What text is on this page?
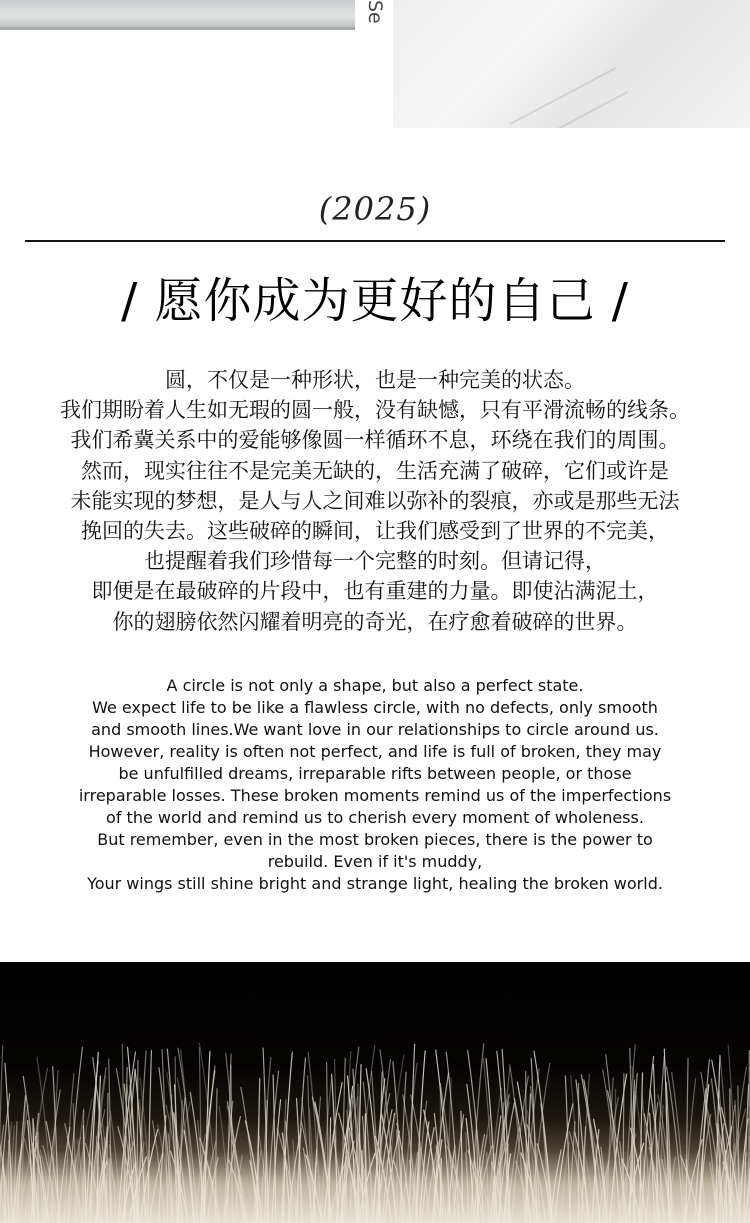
Se
(2025)
/ 愿你成为更好的自己 /
圆，不仅是一种形状，也是一种完美的状态。
我们期盼着人生如无瑕的圆一般，没有缺憾，只有平滑流畅的线条。
我们希冀关系中的爱能够像圆一样循环不息，环绕在我们的周围。
然而，现实往往不是完美无缺的，生活充满了破碎，它们或许是
未能实现的梦想，是人与人之间难以弥补的裂痕，亦或是那些无法
挽回的失去。这些破碎的瞬间，让我们感受到了世界的不完美，
也提醒着我们珍惜每一个完整的时刻。但请记得，
即便是在最破碎的片段中，也有重建的力量。即使沾满泥土，
你的翅膀依然闪耀着明亮的奇光，在疗愈着破碎的世界。
A circle is not only a shape, but also a perfect state.
We expect life to be like a flawless circle, with no defects, only smooth
and smooth lines.We want love in our relationships to circle around us.
However, reality is often not perfect, and life is full of broken, they may
be unfulfilled dreams, irreparable rifts between people, or those
irreparable losses. These broken moments remind us of the imperfections
of the world and remind us to cherish every moment of wholeness.
But remember, even in the most broken pieces, there is the power to
rebuild. Even if it's muddy,
Your wings still shine bright and strange light, healing the broken world.
